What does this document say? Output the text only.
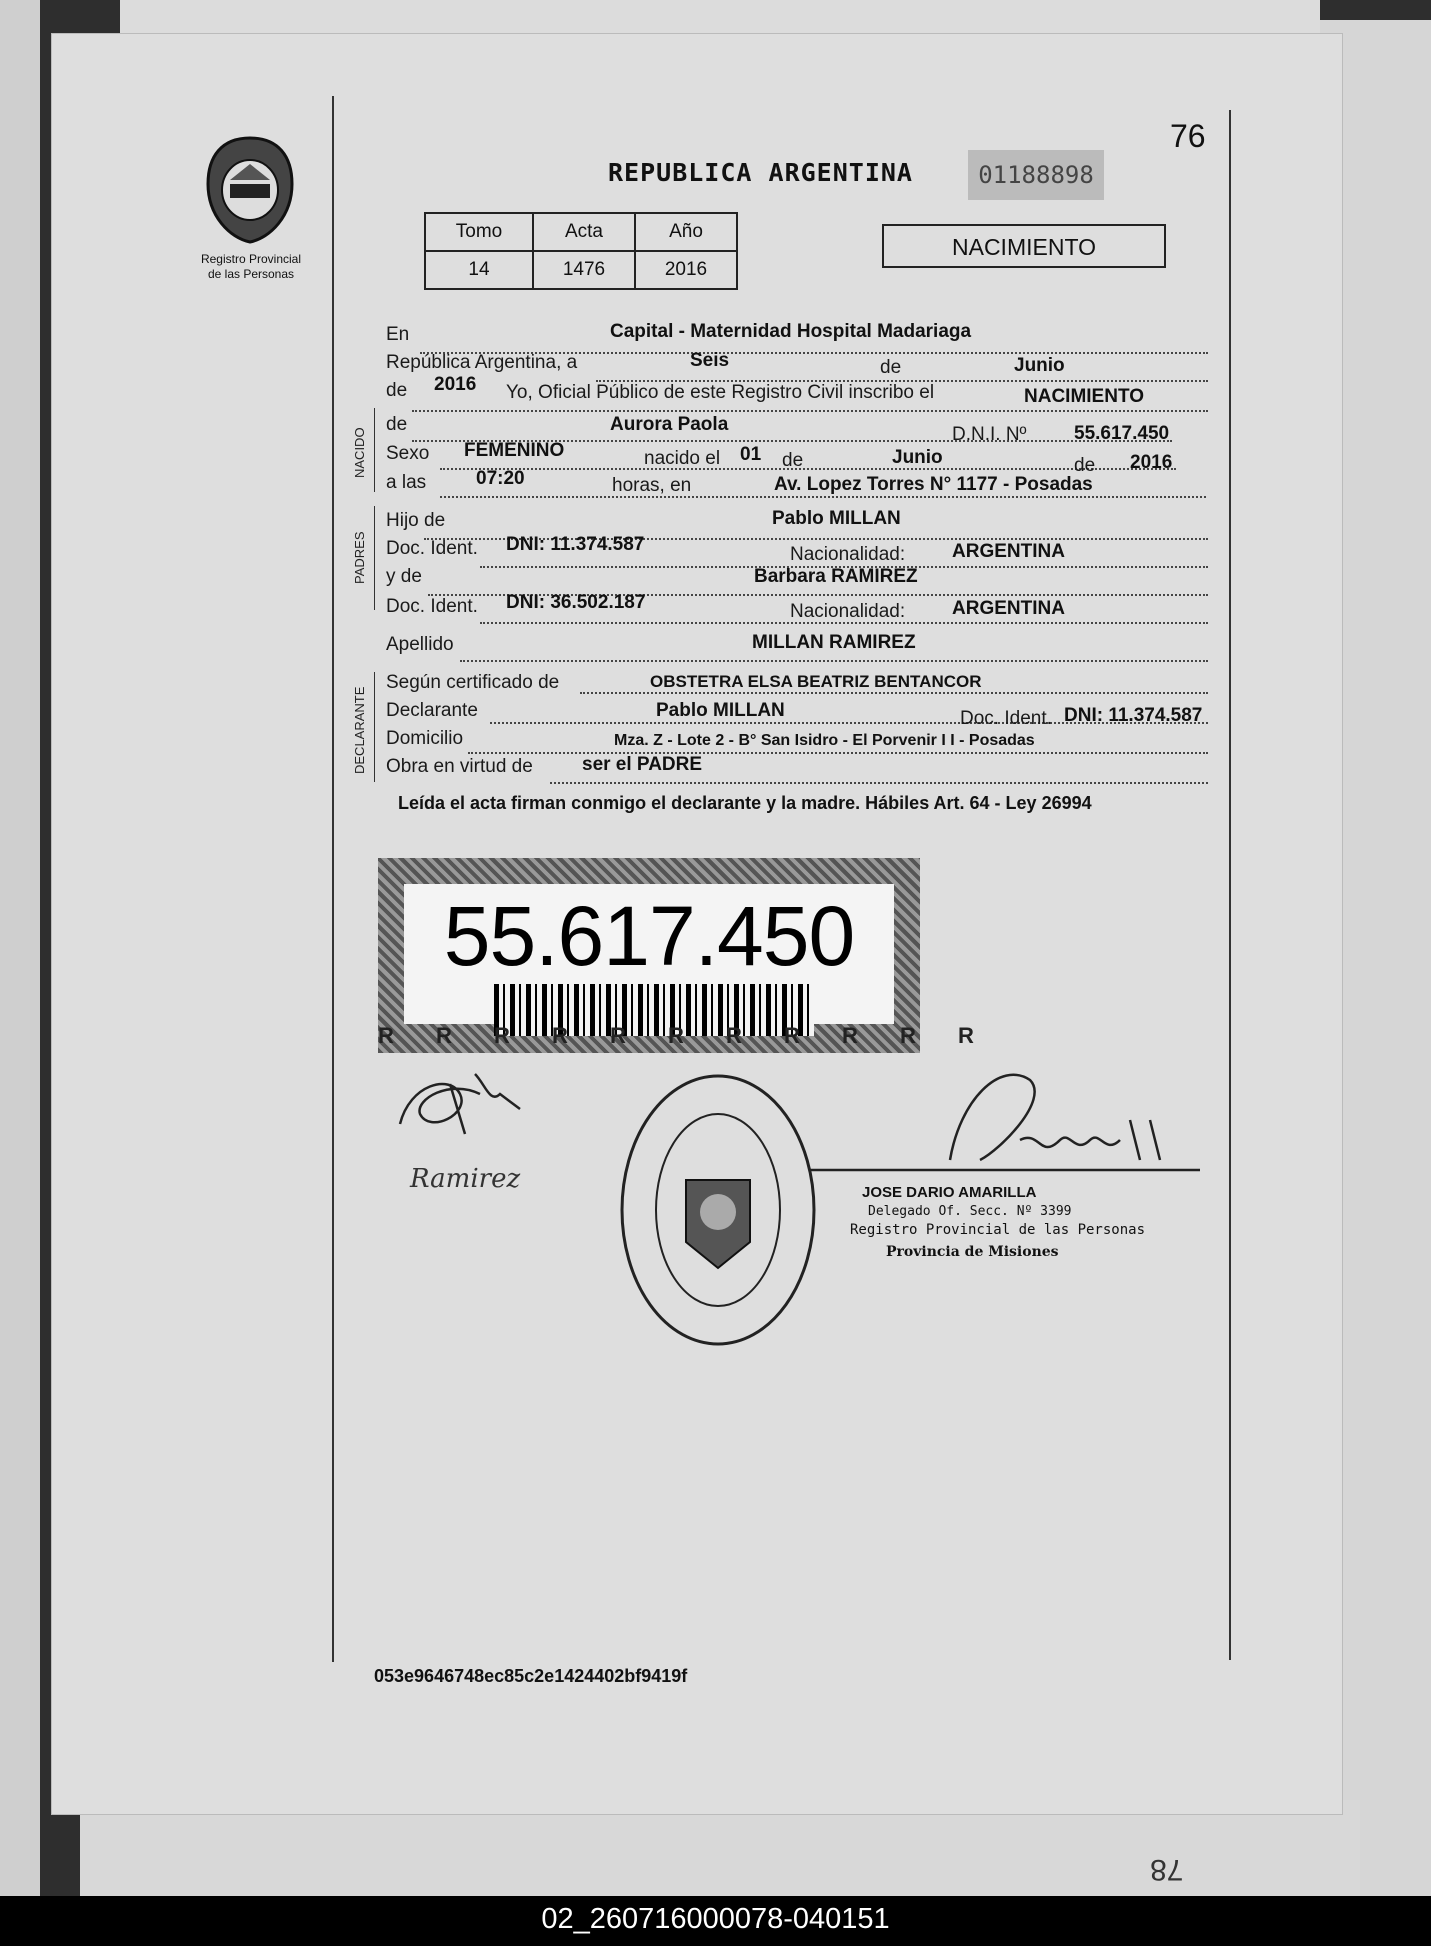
78
76
Registro Provincial
de las Personas
REPUBLICA ARGENTINA	01188898
Tomo	Acta	Año
14	1476	2016
NACIMIENTO
NACIDO
PADRES
DECLARANTE
En	Capital - Maternidad Hospital Madariaga
República Argentina, a	Seis	de	Junio
de 2016 Yo, Oficial Público de este Registro Civil inscribo el	NACIMIENTO
de	Aurora Paola	D.N.I. Nº	55.617.450
Sexo FEMENINO	nacido el 01 de	Junio	de 2016
a las	07:20	horas, en	Av. Lopez Torres N° 1177 - Posadas
Hijo de	Pablo MILLAN
Doc. Ident. DNI: 11.374.587	Nacionalidad: ARGENTINA
y de	Barbara RAMIREZ
Doc. Ident. DNI: 36.502.187	Nacionalidad: ARGENTINA
Apellido	MILLAN RAMIREZ
Según certificado de	OBSTETRA ELSA BEATRIZ BENTANCOR
Declarante	Pablo MILLAN	Doc. Ident. DNI: 11.374.587
Domicilio	Mza. Z - Lote 2 - B° San Isidro - El Porvenir I I - Posadas
Obra en virtud de	ser el PADRE
Leída el acta firman conmigo el declarante y la madre. Hábiles Art. 64 - Ley 26994
55.617.450
R R R R R R R R R R R
Ramirez	JOSE DARIO AMARILLA
Delegado Of. Secc. Nº 3399
Registro Provincial de las Personas
Provincia de Misiones
053e9646748ec85c2e1424402bf9419f
02_260716000078-040151
